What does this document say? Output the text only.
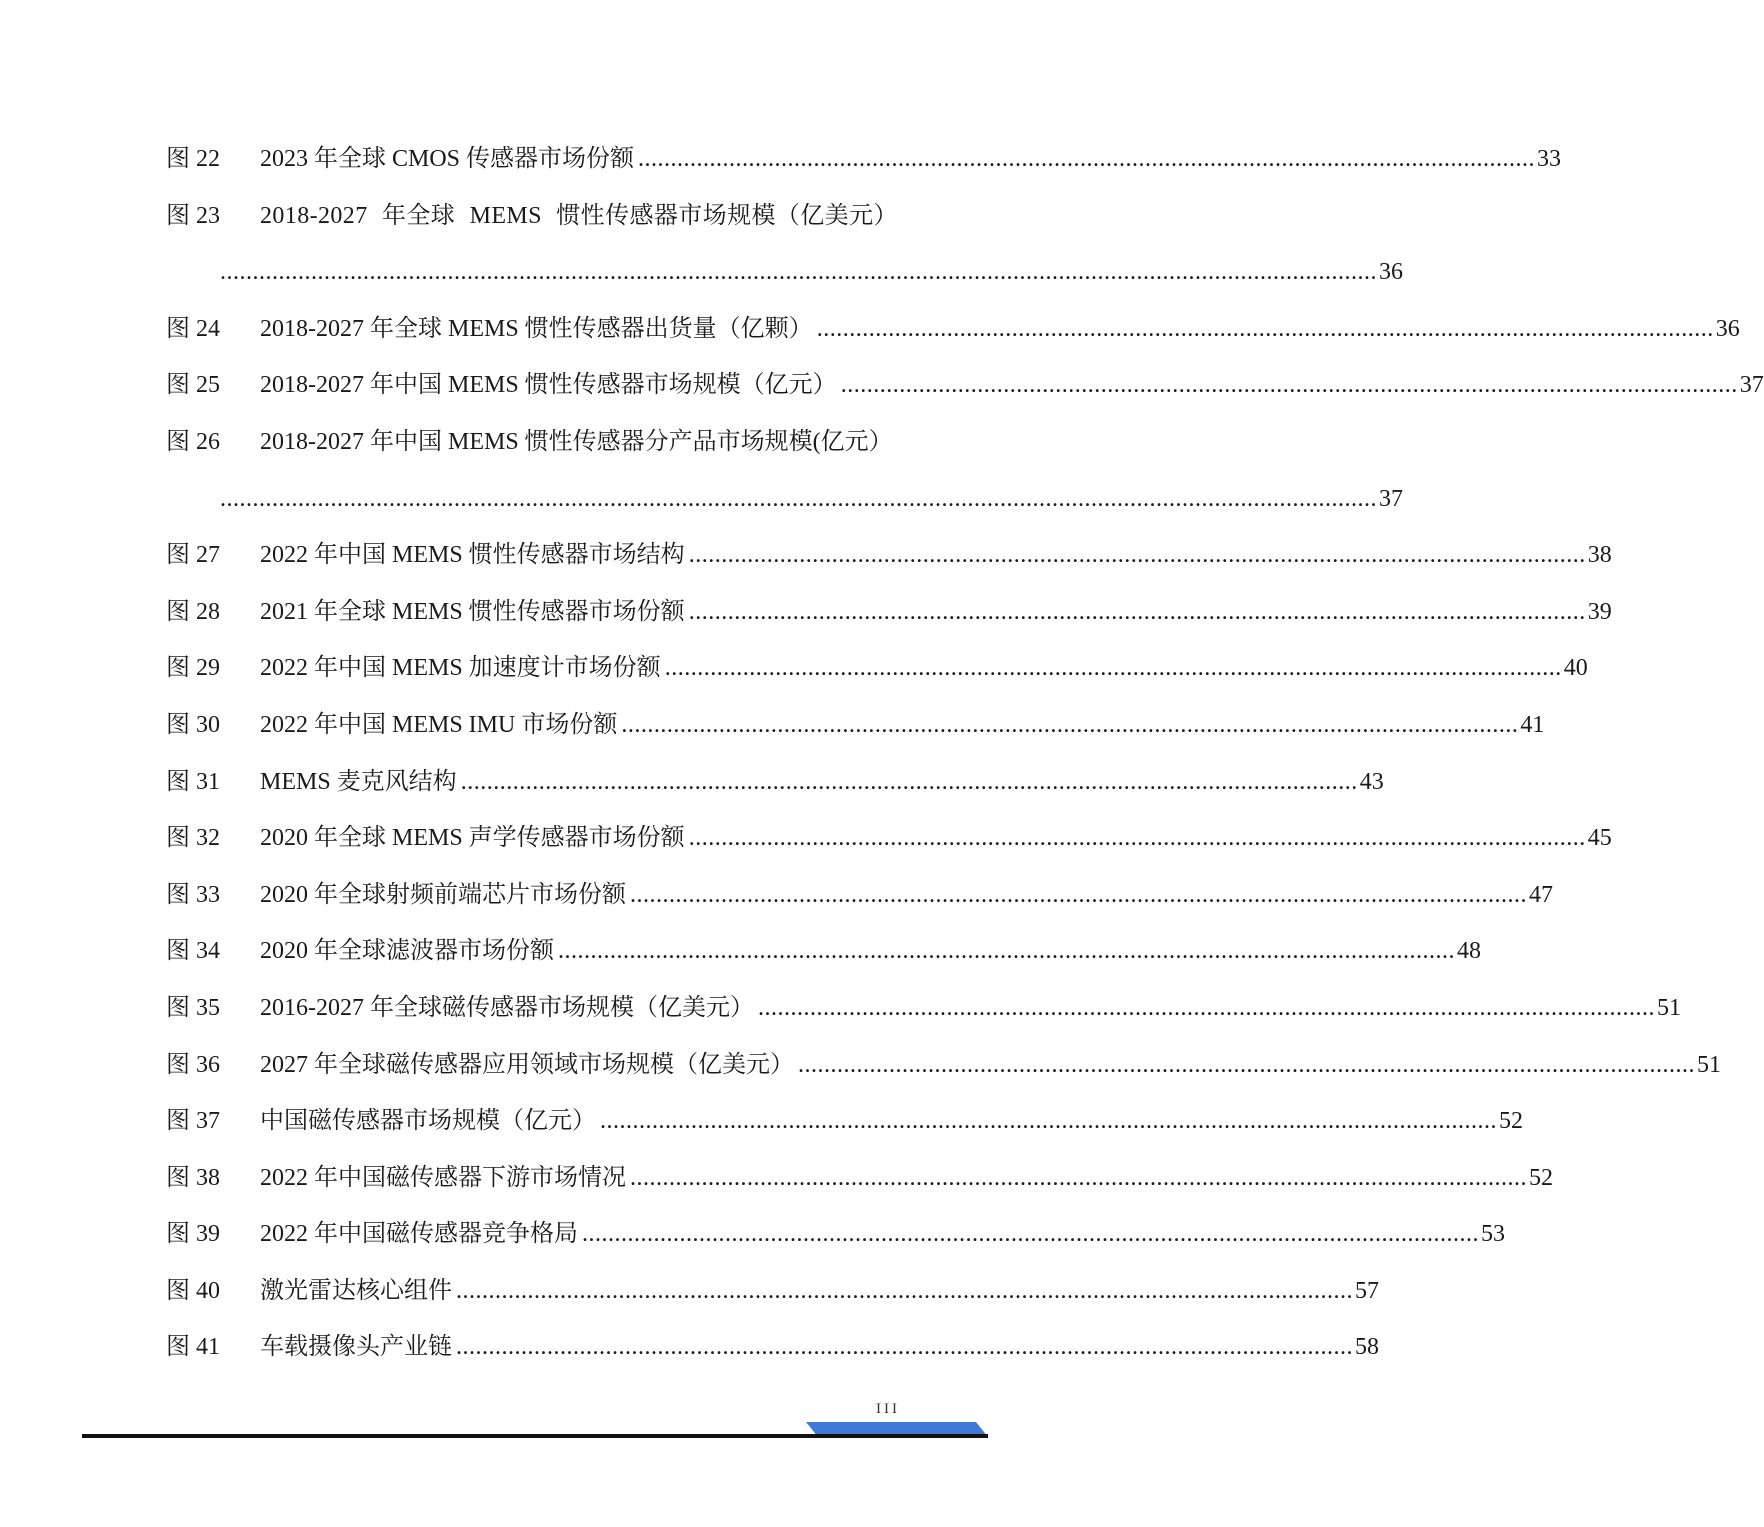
图 22 2023 年全球 CMOS 传感器市场份额 .......................................................................................................................................... 33
图 23 2018-2027 年全球 MEMS 惯性传感器市场规模（亿美元）
.................................................................................................................................................................................. 36
图 24 2018-2027 年全球 MEMS 惯性传感器出货量（亿颗） .......................................................................................................................................... 36
图 25 2018-2027 年中国 MEMS 惯性传感器市场规模（亿元） .......................................................................................................................................... 37
图 26 2018-2027 年中国 MEMS 惯性传感器分产品市场规模(亿元）
.................................................................................................................................................................................. 37
图 27 2022 年中国 MEMS 惯性传感器市场结构 .......................................................................................................................................... 38
图 28 2021 年全球 MEMS 惯性传感器市场份额 .......................................................................................................................................... 39
图 29 2022 年中国 MEMS 加速度计市场份额 .......................................................................................................................................... 40
图 30 2022 年中国 MEMS IMU 市场份额 .......................................................................................................................................... 41
图 31 MEMS 麦克风结构 .......................................................................................................................................... 43
图 32 2020 年全球 MEMS 声学传感器市场份额 .......................................................................................................................................... 45
图 33 2020 年全球射频前端芯片市场份额 .......................................................................................................................................... 47
图 34 2020 年全球滤波器市场份额 .......................................................................................................................................... 48
图 35 2016-2027 年全球磁传感器市场规模（亿美元） .......................................................................................................................................... 51
图 36 2027 年全球磁传感器应用领域市场规模（亿美元） .......................................................................................................................................... 51
图 37 中国磁传感器市场规模（亿元） .......................................................................................................................................... 52
图 38 2022 年中国磁传感器下游市场情况 .......................................................................................................................................... 52
图 39 2022 年中国磁传感器竞争格局 .......................................................................................................................................... 53
图 40 激光雷达核心组件 .......................................................................................................................................... 57
图 41 车载摄像头产业链 .......................................................................................................................................... 58
III
